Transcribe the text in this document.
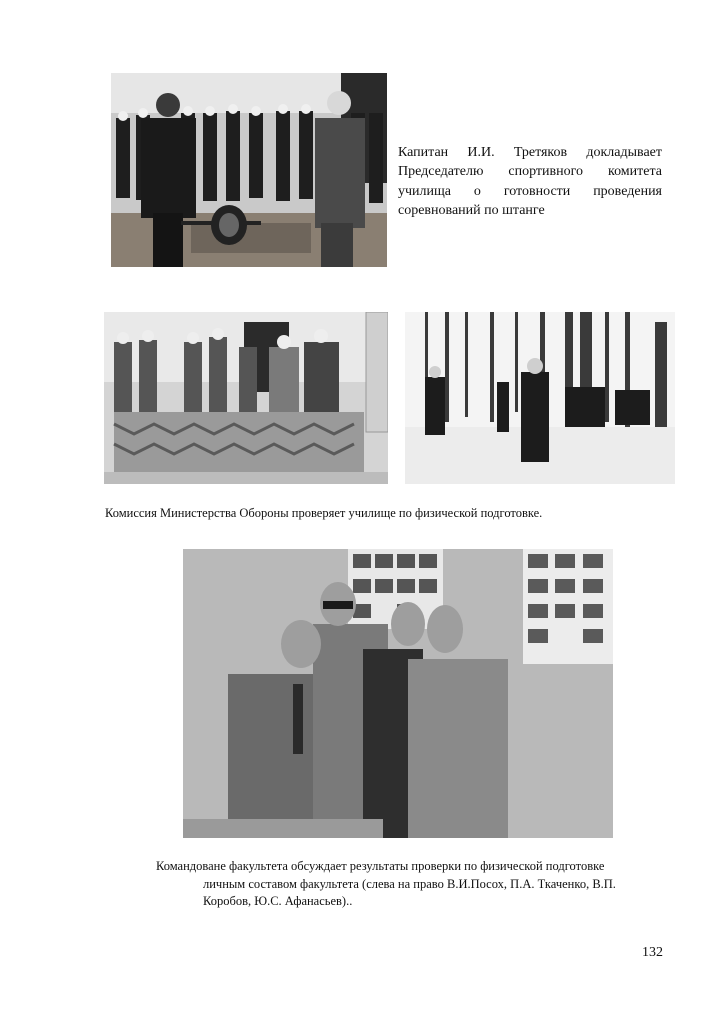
Капитан И.И. Третяков докладывает Председателю спортивного комитета училища о готовности проведения соревнований по штанге
Комиссия Министерства Обороны проверяет училище по физической подготовке.
Командоване факультета обсуждает результаты проверки по физической подготовке
личным составом факультета (слева на право В.И.Посох, П.А. Ткаченко, В.П. Коробов, Ю.С. Афанасьев)..
132
